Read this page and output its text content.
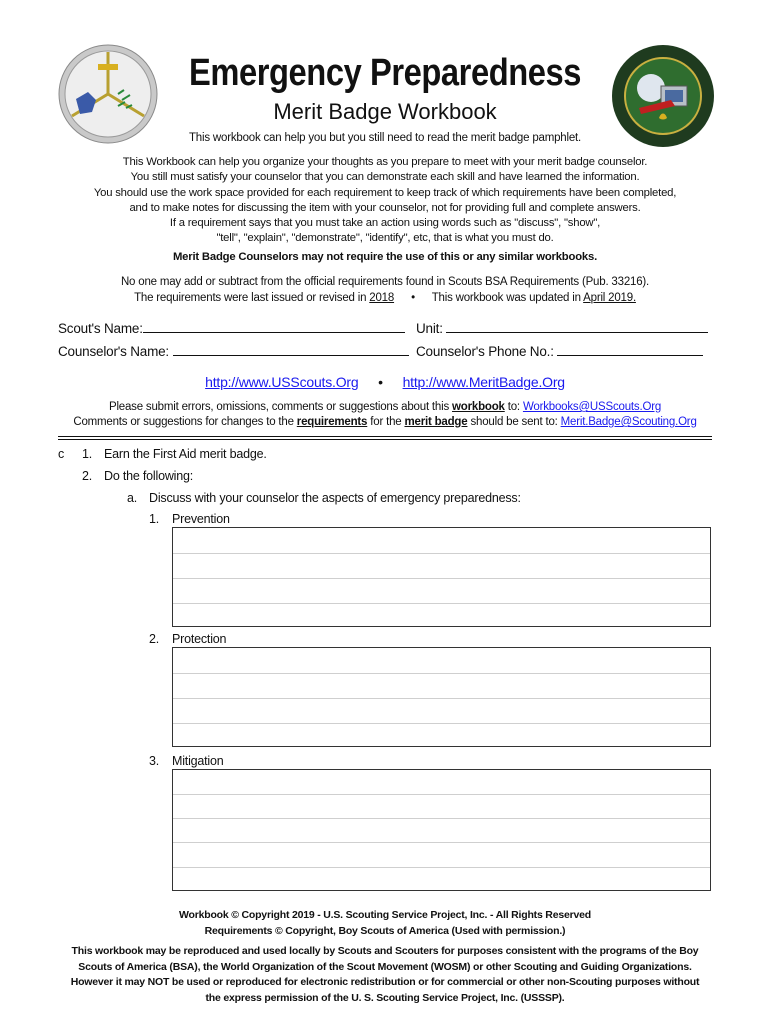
Emergency Preparedness
Merit Badge Workbook
This workbook can help you but you still need to read the merit badge pamphlet.
This Workbook can help you organize your thoughts as you prepare to meet with your merit badge counselor.
You still must satisfy your counselor that you can demonstrate each skill and have learned the information.
You should use the work space provided for each requirement to keep track of which requirements have been completed,
and to make notes for discussing the item with your counselor, not for providing full and complete answers.
If a requirement says that you must take an action using words such as "discuss", "show",
"tell", "explain", "demonstrate", "identify", etc, that is what you must do.
Merit Badge Counselors may not require the use of this or any similar workbooks.
No one may add or subtract from the official requirements found in Scouts BSA Requirements (Pub. 33216).
The requirements were last issued or revised in 2018 • This workbook was updated in April 2019.
Scout's Name:	Unit:
Counselor's Name:	Counselor's Phone No.:
http://www.USScouts.Org • http://www.MeritBadge.Org
Please submit errors, omissions, comments or suggestions about this workbook to: Workbooks@USScouts.Org
Comments or suggestions for changes to the requirements for the merit badge should be sent to: Merit.Badge@Scouting.Org
c 1. Earn the First Aid merit badge.
2. Do the following:
a. Discuss with your counselor the aspects of emergency preparedness:
1. Prevention
2. Protection
3. Mitigation
Workbook © Copyright 2019 - U.S. Scouting Service Project, Inc. - All Rights Reserved
Requirements © Copyright, Boy Scouts of America (Used with permission.)
This workbook may be reproduced and used locally by Scouts and Scouters for purposes consistent with the programs of the Boy
Scouts of America (BSA), the World Organization of the Scout Movement (WOSM) or other Scouting and Guiding Organizations.
However it may NOT be used or reproduced for electronic redistribution or for commercial or other non-Scouting purposes without
the express permission of the U. S. Scouting Service Project, Inc. (USSSP).
